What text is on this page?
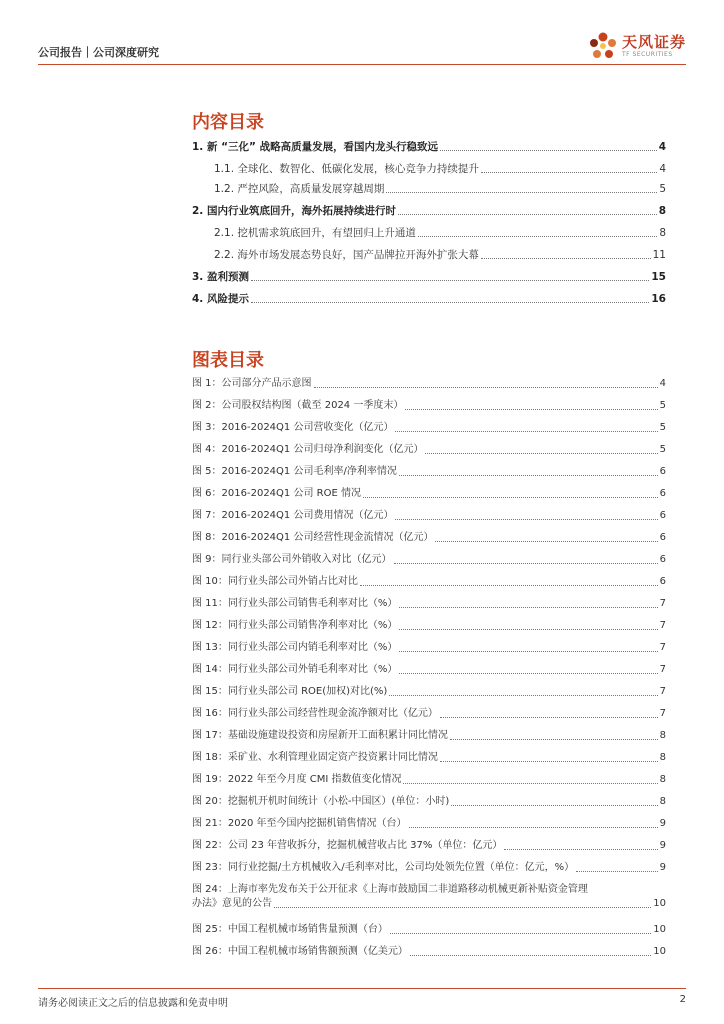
公司报告｜公司深度研究
天风证券
TF SECURITIES
内容目录
1. 新 “三化” 战略高质量发展，看国内龙头行稳致远	4
1.1. 全球化、数智化、低碳化发展，核心竞争力持续提升	4
1.2. 严控风险，高质量发展穿越周期	5
2. 国内行业筑底回升，海外拓展持续进行时	8
2.1. 挖机需求筑底回升，有望回归上升通道	8
2.2. 海外市场发展态势良好，国产品牌拉开海外扩张大幕	11
3. 盈利预测	15
4. 风险提示	16
图表目录
图 1：公司部分产品示意图	4
图 2：公司股权结构图（截至 2024 一季度末）	5
图 3：2016-2024Q1 公司营收变化（亿元）	5
图 4：2016-2024Q1 公司归母净利润变化（亿元）	5
图 5：2016-2024Q1 公司毛利率/净利率情况	6
图 6：2016-2024Q1 公司 ROE 情况	6
图 7：2016-2024Q1 公司费用情况（亿元）	6
图 8：2016-2024Q1 公司经营性现金流情况（亿元）	6
图 9：同行业头部公司外销收入对比（亿元）	6
图 10：同行业头部公司外销占比对比	6
图 11：同行业头部公司销售毛利率对比（%）	7
图 12：同行业头部公司销售净利率对比（%）	7
图 13：同行业头部公司内销毛利率对比（%）	7
图 14：同行业头部公司外销毛利率对比（%）	7
图 15：同行业头部公司 ROE(加权)对比(%)	7
图 16：同行业头部公司经营性现金流净额对比（亿元）	7
图 17：基础设施建设投资和房屋新开工面积累计同比情况	8
图 18：采矿业、水利管理业固定资产投资累计同比情况	8
图 19：2022 年至今月度 CMI 指数值变化情况	8
图 20：挖掘机开机时间统计（小松-中国区）(单位：小时)	8
图 21：2020 年至今国内挖掘机销售情况（台）	9
图 22：公司 23 年营收拆分，挖掘机械营收占比 37%（单位：亿元）	9
图 23：同行业挖掘/土方机械收入/毛利率对比，公司均处领先位置（单位：亿元，%）	9
图 24：上海市率先发布关于公开征求《上海市鼓励国二非道路移动机械更新补贴资金管理
办法》意见的公告	10
图 25：中国工程机械市场销售量预测（台）	10
图 26：中国工程机械市场销售额预测（亿美元）	10
请务必阅读正文之后的信息披露和免责申明	2
